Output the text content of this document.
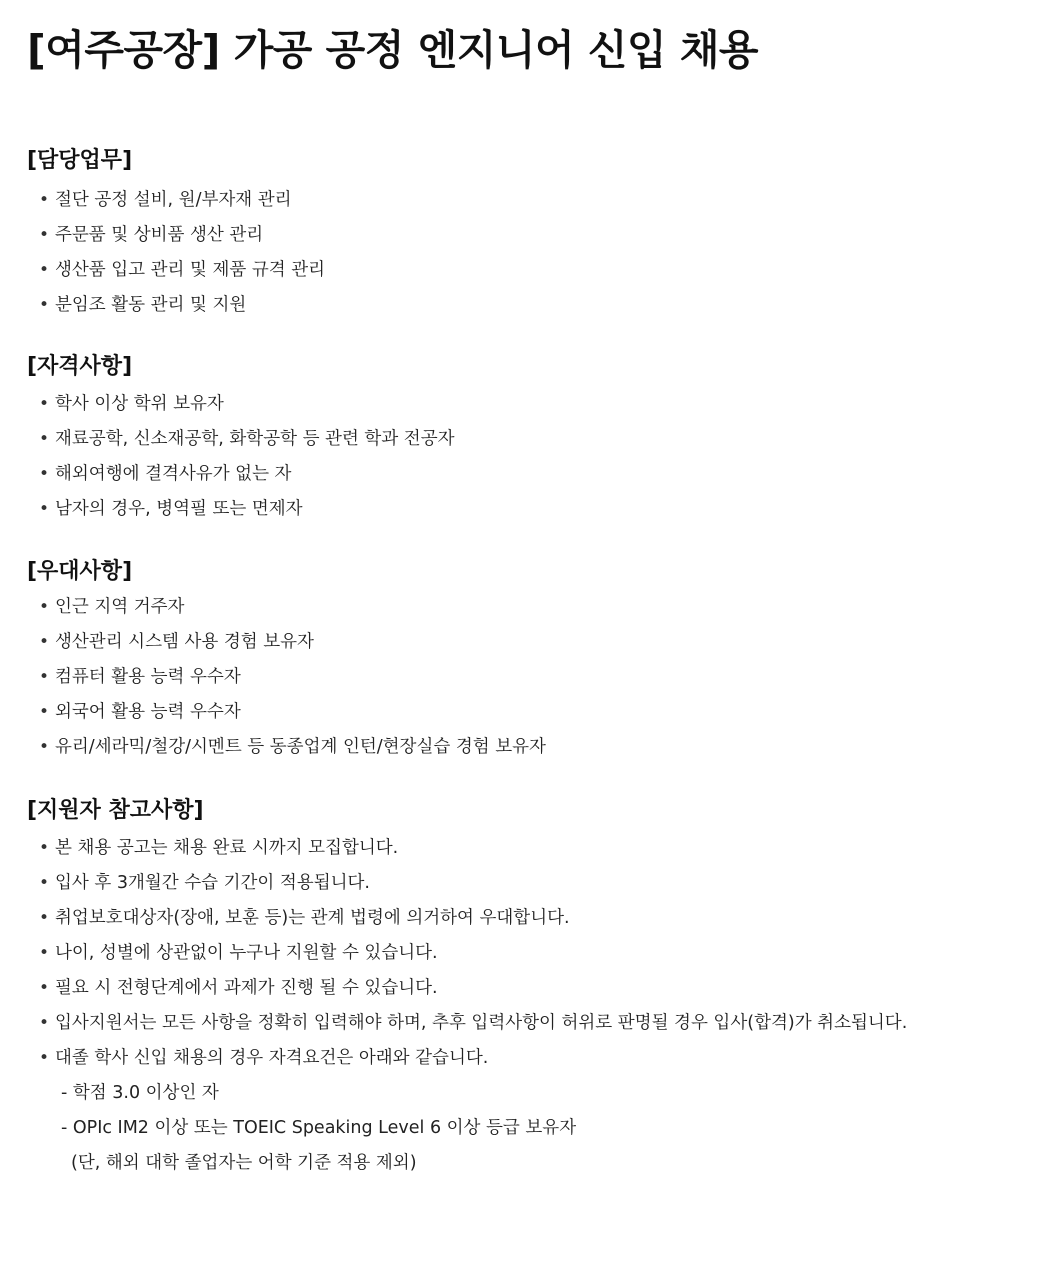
[여주공장] 가공 공정 엔지니어 신입 채용
[담당업무]
• 절단 공정 설비, 원/부자재 관리
• 주문품 및 상비품 생산 관리
• 생산품 입고 관리 및 제품 규격 관리
• 분임조 활동 관리 및 지원
[자격사항]
• 학사 이상 학위 보유자
• 재료공학, 신소재공학, 화학공학 등 관련 학과 전공자
• 해외여행에 결격사유가 없는 자
• 남자의 경우, 병역필 또는 면제자
[우대사항]
• 인근 지역 거주자
• 생산관리 시스템 사용 경험 보유자
• 컴퓨터 활용 능력 우수자
• 외국어 활용 능력 우수자
• 유리/세라믹/철강/시멘트 등 동종업계 인턴/현장실습 경험 보유자
[지원자 참고사항]
• 본 채용 공고는 채용 완료 시까지 모집합니다.
• 입사 후 3개월간 수습 기간이 적용됩니다.
• 취업보호대상자(장애, 보훈 등)는 관계 법령에 의거하여 우대합니다.
• 나이, 성별에 상관없이 누구나 지원할 수 있습니다.
• 필요 시 전형단계에서 과제가 진행 될 수 있습니다.
• 입사지원서는 모든 사항을 정확히 입력해야 하며, 추후 입력사항이 허위로 판명될 경우 입사(합격)가 취소됩니다.
• 대졸 학사 신입 채용의 경우 자격요건은 아래와 같습니다.
- 학점 3.0 이상인 자
- OPIc IM2 이상 또는 TOEIC Speaking Level 6 이상 등급 보유자
(단, 해외 대학 졸업자는 어학 기준 적용 제외)
